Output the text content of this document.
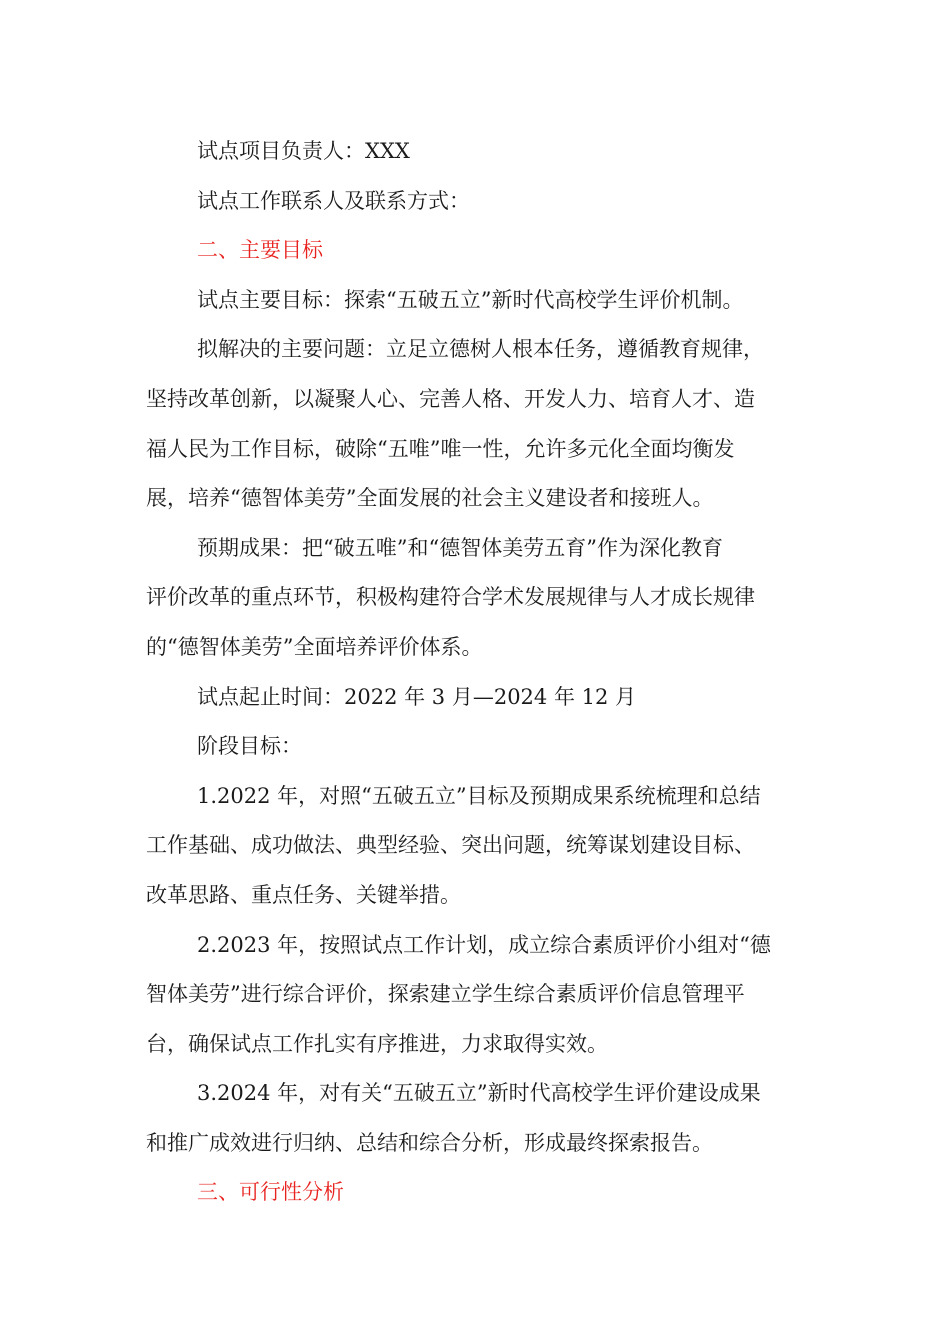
试点项目负责人：XXX

试点工作联系人及联系方式：

二、主要目标

试点主要目标：探索“五破五立”新时代高校学生评价机制。

拟解决的主要问题：立足立德树人根本任务，遵循教育规律，

坚持改革创新，以凝聚人心、完善人格、开发人力、培育人才、造

福人民为工作目标，破除“五唯”唯一性，允许多元化全面均衡发

展，培养“德智体美劳”全面发展的社会主义建设者和接班人。

预期成果：把“破五唯”和“德智体美劳五育”作为深化教育

评价改革的重点环节，积极构建符合学术发展规律与人才成长规律

的“德智体美劳”全面培养评价体系。

试点起止时间：2022 年 3 月—2024 年 12 月

阶段目标：

1.2022 年，对照“五破五立”目标及预期成果系统梳理和总结

工作基础、成功做法、典型经验、突出问题，统筹谋划建设目标、

改革思路、重点任务、关键举措。

2.2023 年，按照试点工作计划，成立综合素质评价小组对“德

智体美劳”进行综合评价，探索建立学生综合素质评价信息管理平

台，确保试点工作扎实有序推进，力求取得实效。

3.2024 年，对有关“五破五立”新时代高校学生评价建设成果

和推广成效进行归纳、总结和综合分析，形成最终探索报告。

三、可行性分析
